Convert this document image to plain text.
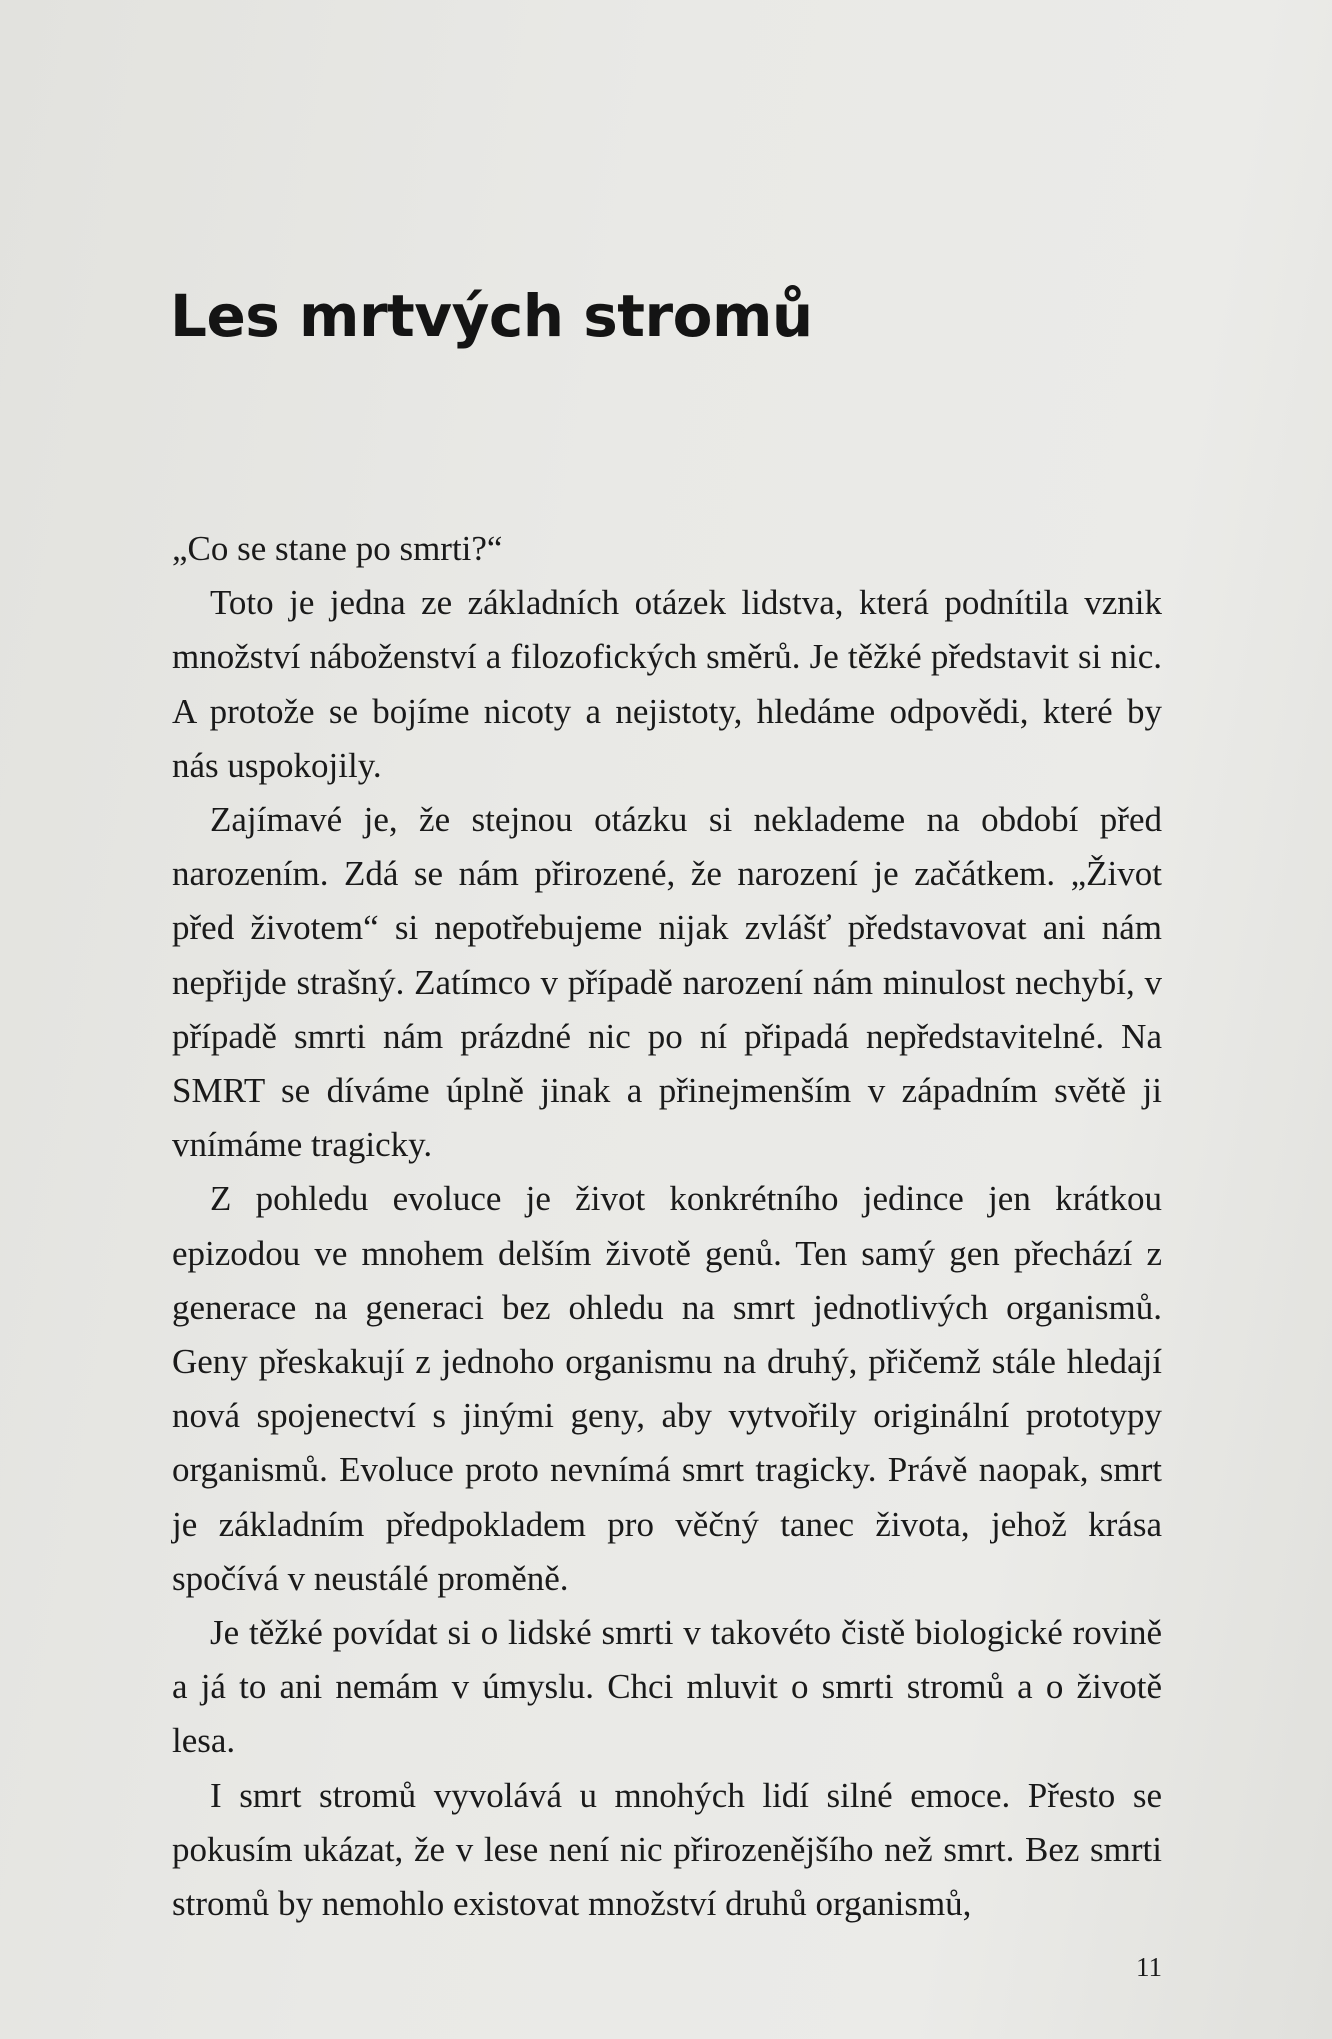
Les mrtvých stromů

„Co se stane po smrti?“

Toto je jedna ze základních otázek lidstva, která podnítila vznik množství náboženství a filozofických směrů. Je těžké představit si nic. A protože se bojíme nicoty a nejistoty, hledáme odpovědi, které by nás uspokojily.

Zajímavé je, že stejnou otázku si neklademe na období před narozením. Zdá se nám přirozené, že narození je začátkem. „Život před životem“ si nepotřebujeme nijak zvlášť představovat ani nám nepřijde strašný. Zatímco v případě narození nám minulost nechybí, v případě smrti nám prázdné nic po ní připadá nepředstavitelné. Na SMRT se díváme úplně jinak a přinejmenším v západním světě ji vnímáme tragicky.

Z pohledu evoluce je život konkrétního jedince jen krátkou epizodou ve mnohem delším životě genů. Ten samý gen přechází z generace na generaci bez ohledu na smrt jednotlivých organismů. Geny přeskakují z jednoho organismu na druhý, přičemž stále hledají nová spojenectví s jinými geny, aby vytvořily originální prototypy organismů. Evoluce proto nevnímá smrt tragicky. Právě naopak, smrt je základním předpokladem pro věčný tanec života, jehož krása spočívá v neustálé proměně.

Je těžké povídat si o lidské smrti v takovéto čistě biologické rovině a já to ani nemám v úmyslu. Chci mluvit o smrti stromů a o životě lesa.

I smrt stromů vyvolává u mnohých lidí silné emoce. Přesto se pokusím ukázat, že v lese není nic přirozenějšího než smrt. Bez smrti stromů by nemohlo existovat množství druhů organismů,

11
